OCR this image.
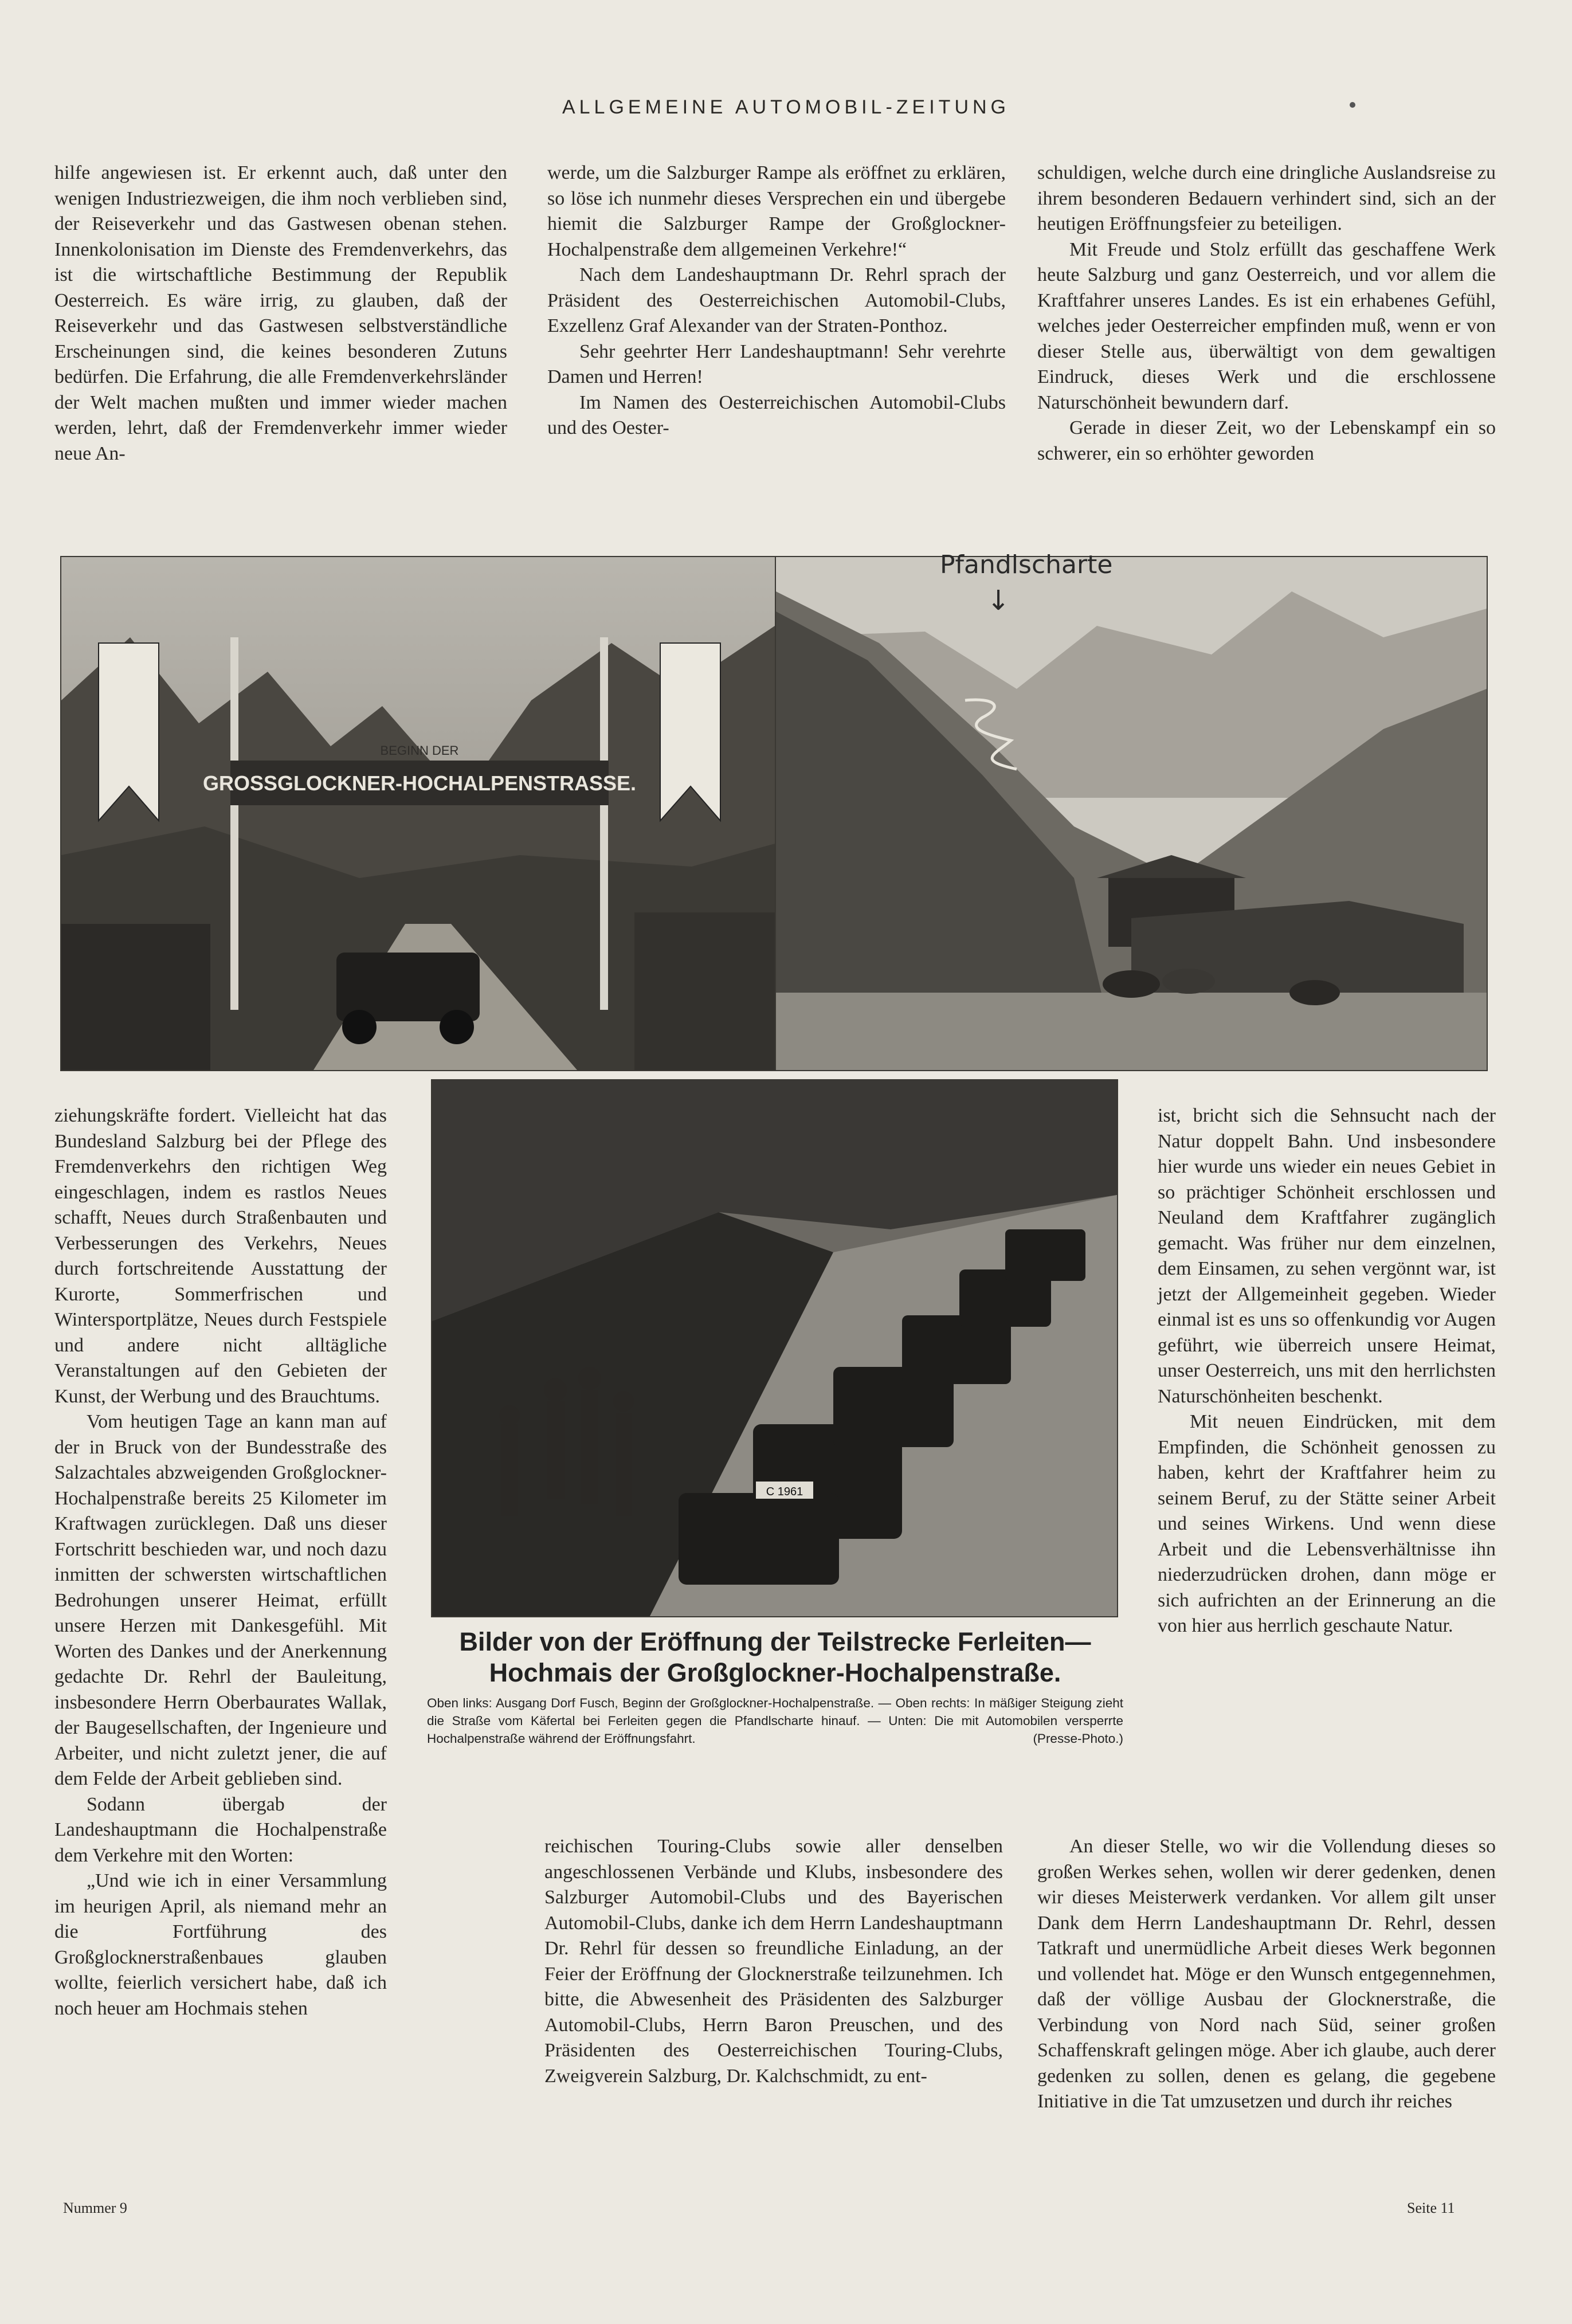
ALLGEMEINE AUTOMOBIL-ZEITUNG

hilfe angewiesen ist. Er erkennt auch, daß unter den wenigen Industriezweigen, die ihm noch verblieben sind, der Reiseverkehr und das Gastwesen obenan stehen. Innenkolonisation im Dienste des Fremdenverkehrs, das ist die wirtschaftliche Bestimmung der Republik Oesterreich. Es wäre irrig, zu glauben, daß der Reiseverkehr und das Gastwesen selbstverständliche Erscheinungen sind, die keines besonderen Zutuns bedürfen. Die Erfahrung, die alle Fremdenverkehrsländer der Welt machen mußten und immer wieder machen werden, lehrt, daß der Fremdenverkehr immer wieder neue An-

werde, um die Salzburger Rampe als eröffnet zu erklären, so löse ich nunmehr dieses Versprechen ein und übergebe hiemit die Salzburger Rampe der Großglockner-Hochalpenstraße dem allgemeinen Verkehre!“

Nach dem Landeshauptmann Dr. Rehrl sprach der Präsident des Oesterreichischen Automobil-Clubs, Exzellenz Graf Alexander van der Straten-Ponthoz.

Sehr geehrter Herr Landeshauptmann! Sehr verehrte Damen und Herren!

Im Namen des Oesterreichischen Automobil-Clubs und des Oester-

schuldigen, welche durch eine dringliche Auslandsreise zu ihrem besonderen Bedauern verhindert sind, sich an der heutigen Eröffnungsfeier zu beteiligen.

Mit Freude und Stolz erfüllt das geschaffene Werk heute Salzburg und ganz Oesterreich, und vor allem die Kraftfahrer unseres Landes. Es ist ein erhabenes Gefühl, welches jeder Oesterreicher empfinden muß, wenn er von dieser Stelle aus, überwältigt von dem gewaltigen Eindruck, dieses Werk und die erschlossene Naturschönheit bewundern darf.

Gerade in dieser Zeit, wo der Lebenskampf ein so schwerer, ein so erhöhter geworden

BEGINN DER
GROSSGLOCKNER-HOCHALPENSTRASSE.
Pfandlscharte
↓
C 1961

Bilder von der Eröffnung der Teilstrecke Ferleiten— Hochmais der Großglockner-Hochalpenstraße.

Oben links: Ausgang Dorf Fusch, Beginn der Großglockner-Hochalpenstraße. — Oben rechts: In mäßiger Steigung zieht die Straße vom Käfertal bei Ferleiten gegen die Pfandlscharte hinauf. — Unten: Die mit Automobilen versperrte Hochalpenstraße während der Eröffnungsfahrt.	(Presse-Photo.)

ziehungskräfte fordert. Vielleicht hat das Bundesland Salzburg bei der Pflege des Fremdenverkehrs den richtigen Weg eingeschlagen, indem es rastlos Neues schafft, Neues durch Straßenbauten und Verbesserungen des Verkehrs, Neues durch fortschreitende Ausstattung der Kurorte, Sommerfrischen und Wintersportplätze, Neues durch Festspiele und andere nicht alltägliche Veranstaltungen auf den Gebieten der Kunst, der Werbung und des Brauchtums.

Vom heutigen Tage an kann man auf der in Bruck von der Bundesstraße des Salzachtales abzweigenden Großglockner-Hochalpenstraße bereits 25 Kilometer im Kraftwagen zurücklegen. Daß uns dieser Fortschritt beschieden war, und noch dazu inmitten der schwersten wirtschaftlichen Bedrohungen unserer Heimat, erfüllt unsere Herzen mit Dankesgefühl. Mit Worten des Dankes und der Anerkennung gedachte Dr. Rehrl der Bauleitung, insbesondere Herrn Oberbaurates Wallak, der Baugesellschaften, der Ingenieure und Arbeiter, und nicht zuletzt jener, die auf dem Felde der Arbeit geblieben sind.

Sodann übergab der Landeshauptmann die Hochalpenstraße dem Verkehre mit den Worten:

„Und wie ich in einer Versammlung im heurigen April, als niemand mehr an die Fortführung des Großglocknerstraßenbaues glauben wollte, feierlich versichert habe, daß ich noch heuer am Hochmais stehen

reichischen Touring-Clubs sowie aller denselben angeschlossenen Verbände und Klubs, insbesondere des Salzburger Automobil-Clubs und des Bayerischen Automobil-Clubs, danke ich dem Herrn Landeshauptmann Dr. Rehrl für dessen so freundliche Einladung, an der Feier der Eröffnung der Glocknerstraße teilzunehmen. Ich bitte, die Abwesenheit des Präsidenten des Salzburger Automobil-Clubs, Herrn Baron Preuschen, und des Präsidenten des Oesterreichischen Touring-Clubs, Zweigverein Salzburg, Dr. Kalchschmidt, zu ent-

ist, bricht sich die Sehnsucht nach der Natur doppelt Bahn. Und insbesondere hier wurde uns wieder ein neues Gebiet in so prächtiger Schönheit erschlossen und Neuland dem Kraftfahrer zugänglich gemacht. Was früher nur dem einzelnen, dem Einsamen, zu sehen vergönnt war, ist jetzt der Allgemeinheit gegeben. Wieder einmal ist es uns so offenkundig vor Augen geführt, wie überreich unsere Heimat, unser Oesterreich, uns mit den herrlichsten Naturschönheiten beschenkt.

Mit neuen Eindrücken, mit dem Empfinden, die Schönheit genossen zu haben, kehrt der Kraftfahrer heim zu seinem Beruf, zu der Stätte seiner Arbeit und seines Wirkens. Und wenn diese Arbeit und die Lebensverhältnisse ihn niederzudrücken drohen, dann möge er sich aufrichten an der Erinnerung an die von hier aus herrlich geschaute Natur.

An dieser Stelle, wo wir die Vollendung dieses so großen Werkes sehen, wollen wir derer gedenken, denen wir dieses Meisterwerk verdanken. Vor allem gilt unser Dank dem Herrn Landeshauptmann Dr. Rehrl, dessen Tatkraft und unermüdliche Arbeit dieses Werk begonnen und vollendet hat. Möge er den Wunsch entgegennehmen, daß der völlige Ausbau der Glocknerstraße, die Verbindung von Nord nach Süd, seiner großen Schaffenskraft gelingen möge. Aber ich glaube, auch derer gedenken zu sollen, denen es gelang, die gegebene Initiative in die Tat umzusetzen und durch ihr reiches

Nummer 9	Seite 11
